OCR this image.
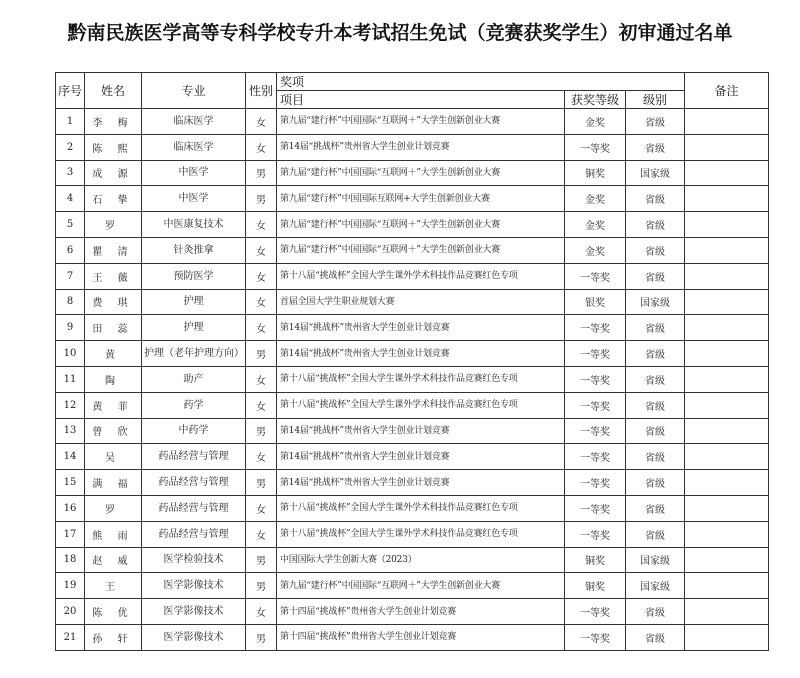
黔南民族医学高等专科学校专升本考试招生免试（竞赛获奖学生）初审通过名单
序号	姓名	专业	性别	奖项			备注
				项目	获奖等级	级别	
1	李 梅	临床医学	女	第九届“建行杯”中国国际“互联网＋”大学生创新创业大赛	金奖	省级	
2	陈 熙	临床医学	女	第14届“挑战杯”贵州省大学生创业计划竞赛	一等奖	省级	
3	成 源	中医学	男	第九届“建行杯”中国国际“互联网＋”大学生创新创业大赛	铜奖	国家级	
4	石 挚	中医学	男	第九届“建行杯”中国国际互联网+大学生创新创业大赛	金奖	省级	
5	罗	中医康复技术	女	第九届“建行杯”中国国际“互联网＋”大学生创新创业大赛	金奖	省级	
6	瞿 清	针灸推拿	女	第九届“建行杯”中国国际“互联网＋”大学生创新创业大赛	金奖	省级	
7	王 薇	预防医学	女	第十八届“挑战杯”全国大学生课外学术科技作品竞赛红色专项	一等奖	省级	
8	费 琪	护理	女	首届全国大学生职业规划大赛	银奖	国家级	
9	田 蕊	护理	女	第14届“挑战杯”贵州省大学生创业计划竞赛	一等奖	省级	
10	黄	护理（老年护理方向）	男	第14届“挑战杯”贵州省大学生创业计划竞赛	一等奖	省级	
11	陶	助产	女	第十八届“挑战杯”全国大学生课外学术科技作品竞赛红色专项	一等奖	省级	
12	黄 菲	药学	女	第十八届“挑战杯”全国大学生课外学术科技作品竞赛红色专项	一等奖	省级	
13	曾 欣	中药学	男	第14届“挑战杯”贵州省大学生创业计划竞赛	一等奖	省级	
14	吴	药品经营与管理	女	第14届“挑战杯”贵州省大学生创业计划竞赛	一等奖	省级	
15	满 福	药品经营与管理	男	第14届“挑战杯”贵州省大学生创业计划竞赛	一等奖	省级	
16	罗	药品经营与管理	女	第十八届“挑战杯”全国大学生课外学术科技作品竞赛红色专项	一等奖	省级	
17	熊 雨	药品经营与管理	女	第十八届“挑战杯”全国大学生课外学术科技作品竞赛红色专项	一等奖	省级	
18	赵 威	医学检验技术	男	中国国际大学生创新大赛（2023）	铜奖	国家级	
19	王	医学影像技术	男	第九届“建行杯”中国国际“互联网＋”大学生创新创业大赛	铜奖	国家级	
20	陈 优	医学影像技术	女	第十四届“挑战杯”贵州省大学生创业计划竞赛	一等奖	省级	
21	孙 轩	医学影像技术	男	第十四届“挑战杯”贵州省大学生创业计划竞赛	一等奖	省级	
